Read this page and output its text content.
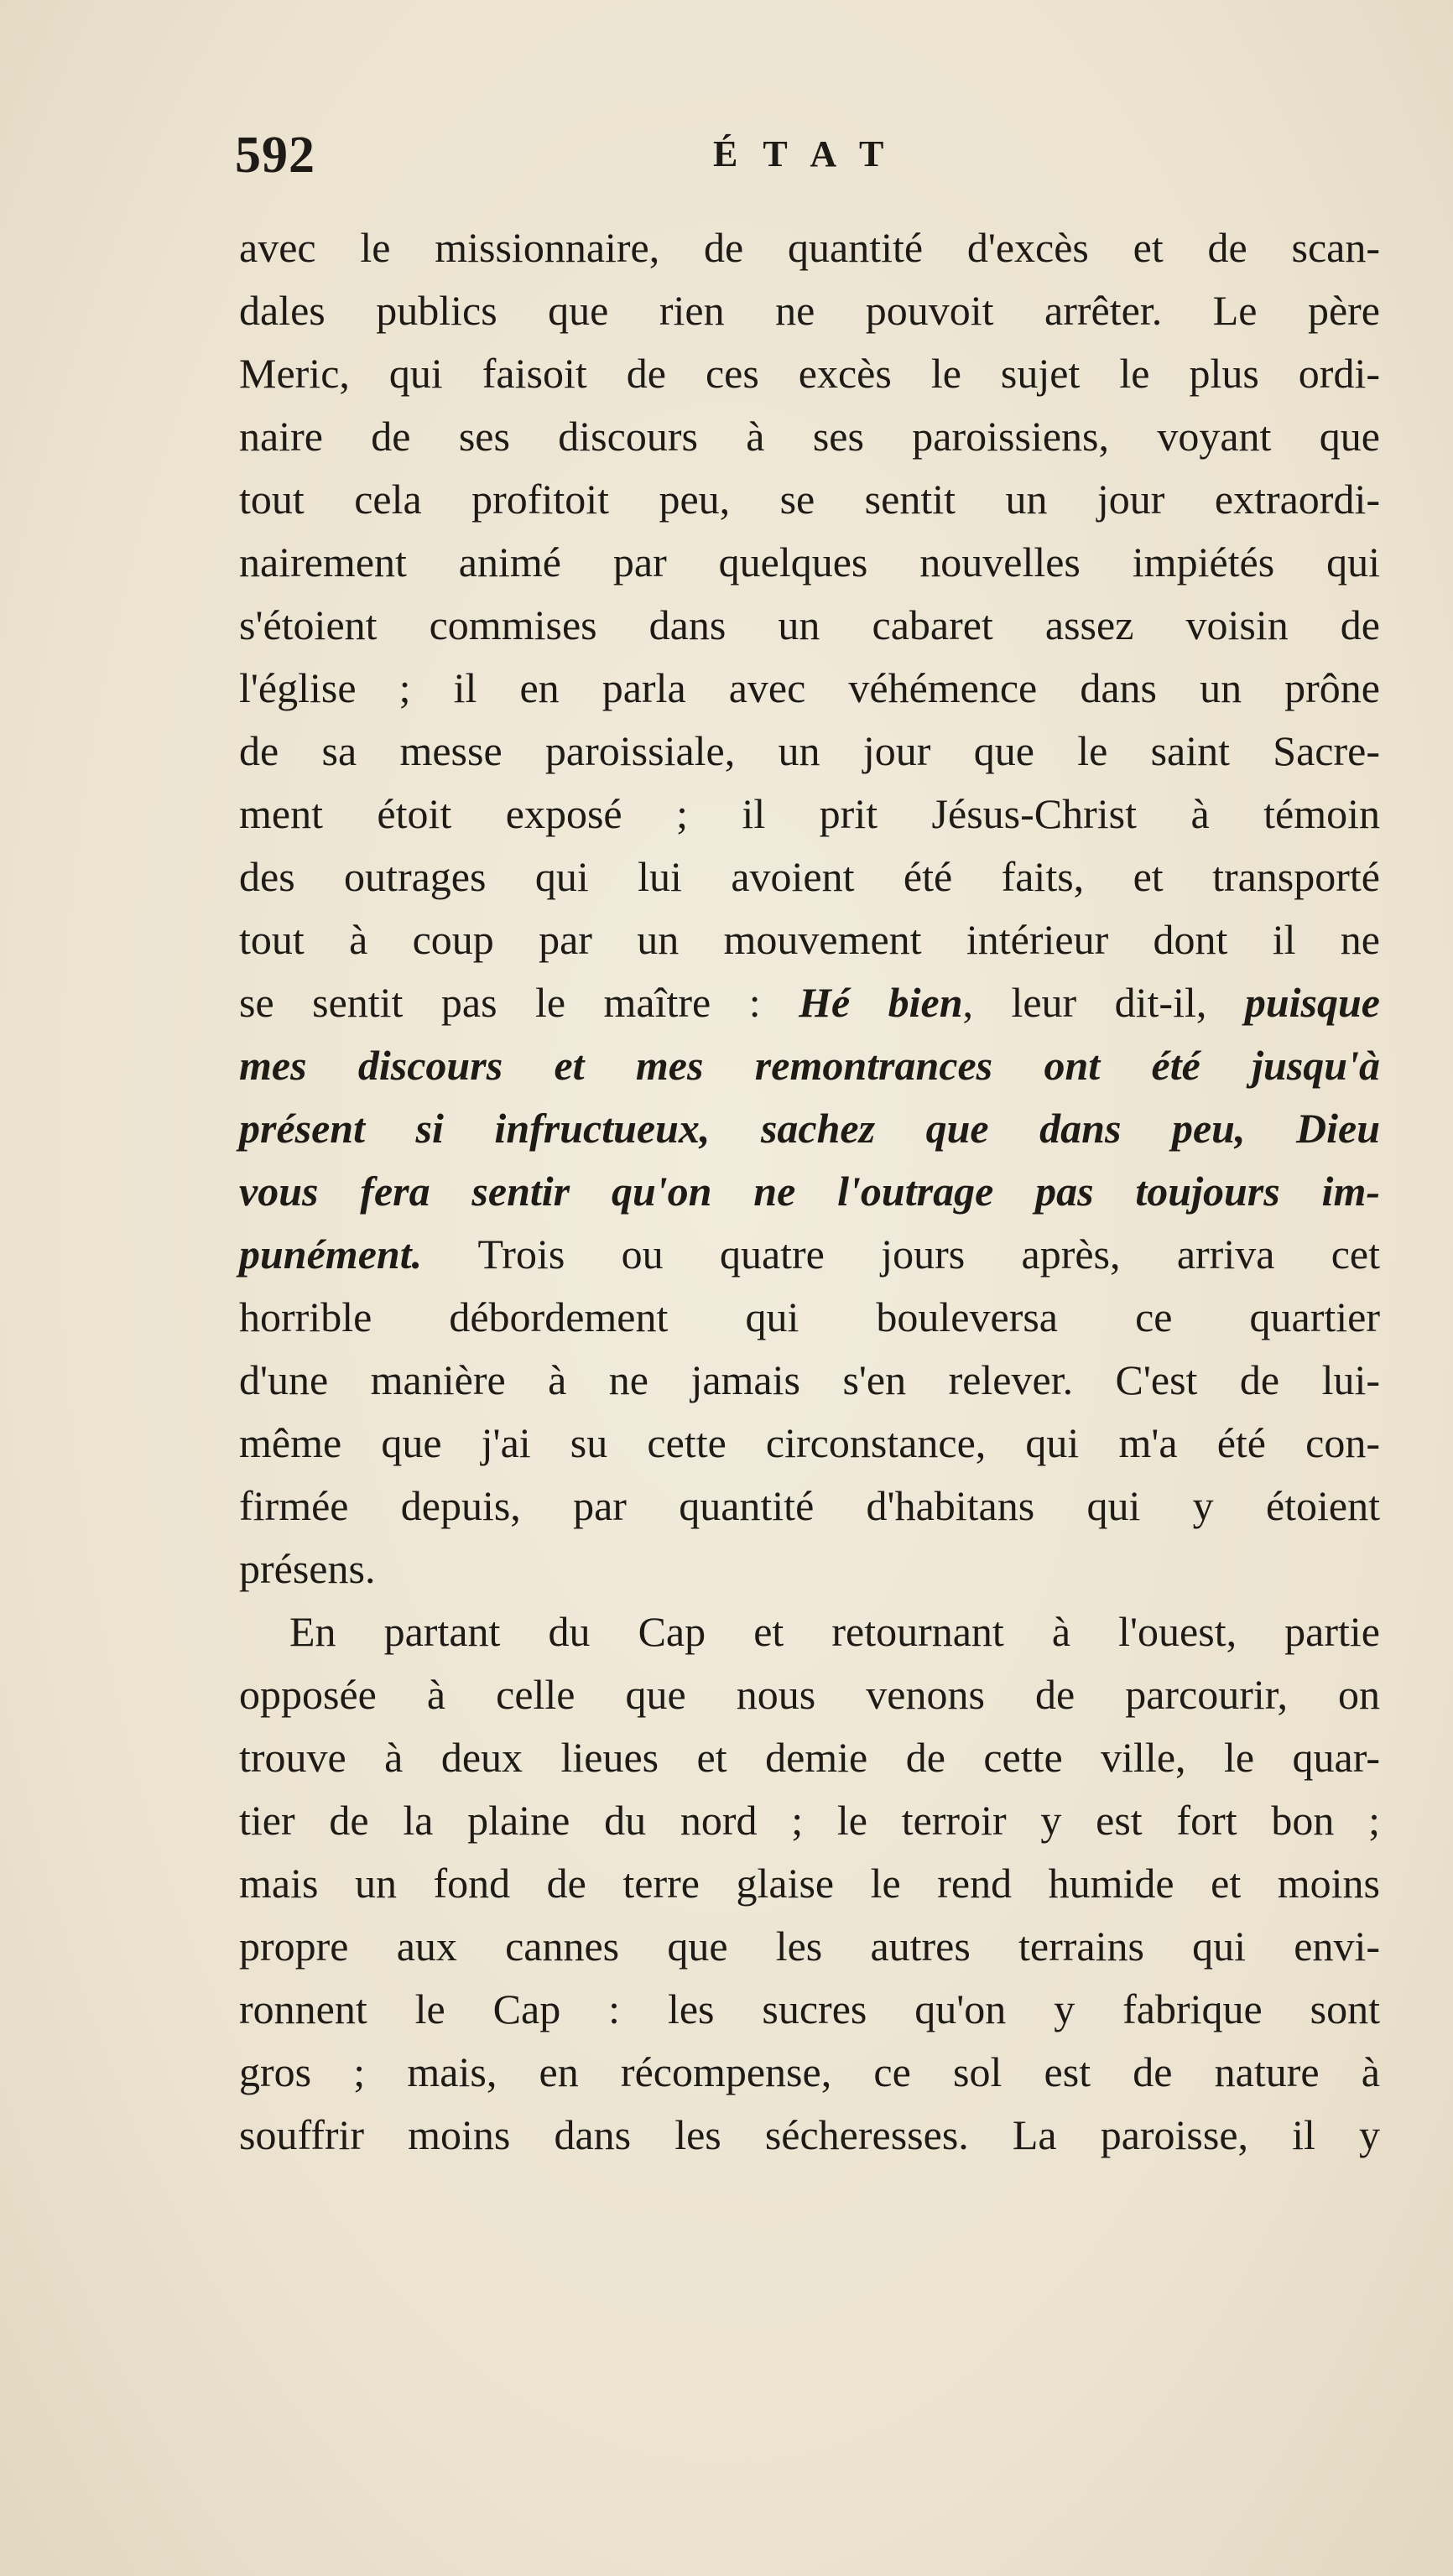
592	ÉTAT
avec le missionnaire, de quantité d'excès et de scan-
dales publics que rien ne pouvoit arrêter. Le père
Meric, qui faisoit de ces excès le sujet le plus ordi-
naire de ses discours à ses paroissiens, voyant que
tout cela profitoit peu, se sentit un jour extraordi-
nairement animé par quelques nouvelles impiétés qui
s'étoient commises dans un cabaret assez voisin de
l'église ; il en parla avec véhémence dans un prône
de sa messe paroissiale, un jour que le saint Sacre-
ment étoit exposé ; il prit Jésus-Christ à témoin
des outrages qui lui avoient été faits, et transporté
tout à coup par un mouvement intérieur dont il ne
se sentit pas le maître : Hé bien, leur dit-il, puisque
mes discours et mes remontrances ont été jusqu'à
présent si infructueux, sachez que dans peu, Dieu
vous fera sentir qu'on ne l'outrage pas toujours im-
punément. Trois ou quatre jours après, arriva cet
horrible débordement qui bouleversa ce quartier
d'une manière à ne jamais s'en relever. C'est de lui-
même que j'ai su cette circonstance, qui m'a été con-
firmée depuis, par quantité d'habitans qui y étoient
présens.
En partant du Cap et retournant à l'ouest, partie
opposée à celle que nous venons de parcourir, on
trouve à deux lieues et demie de cette ville, le quar-
tier de la plaine du nord ; le terroir y est fort bon ;
mais un fond de terre glaise le rend humide et moins
propre aux cannes que les autres terrains qui envi-
ronnent le Cap : les sucres qu'on y fabrique sont
gros ; mais, en récompense, ce sol est de nature à
souffrir moins dans les sécheresses. La paroisse, il y
